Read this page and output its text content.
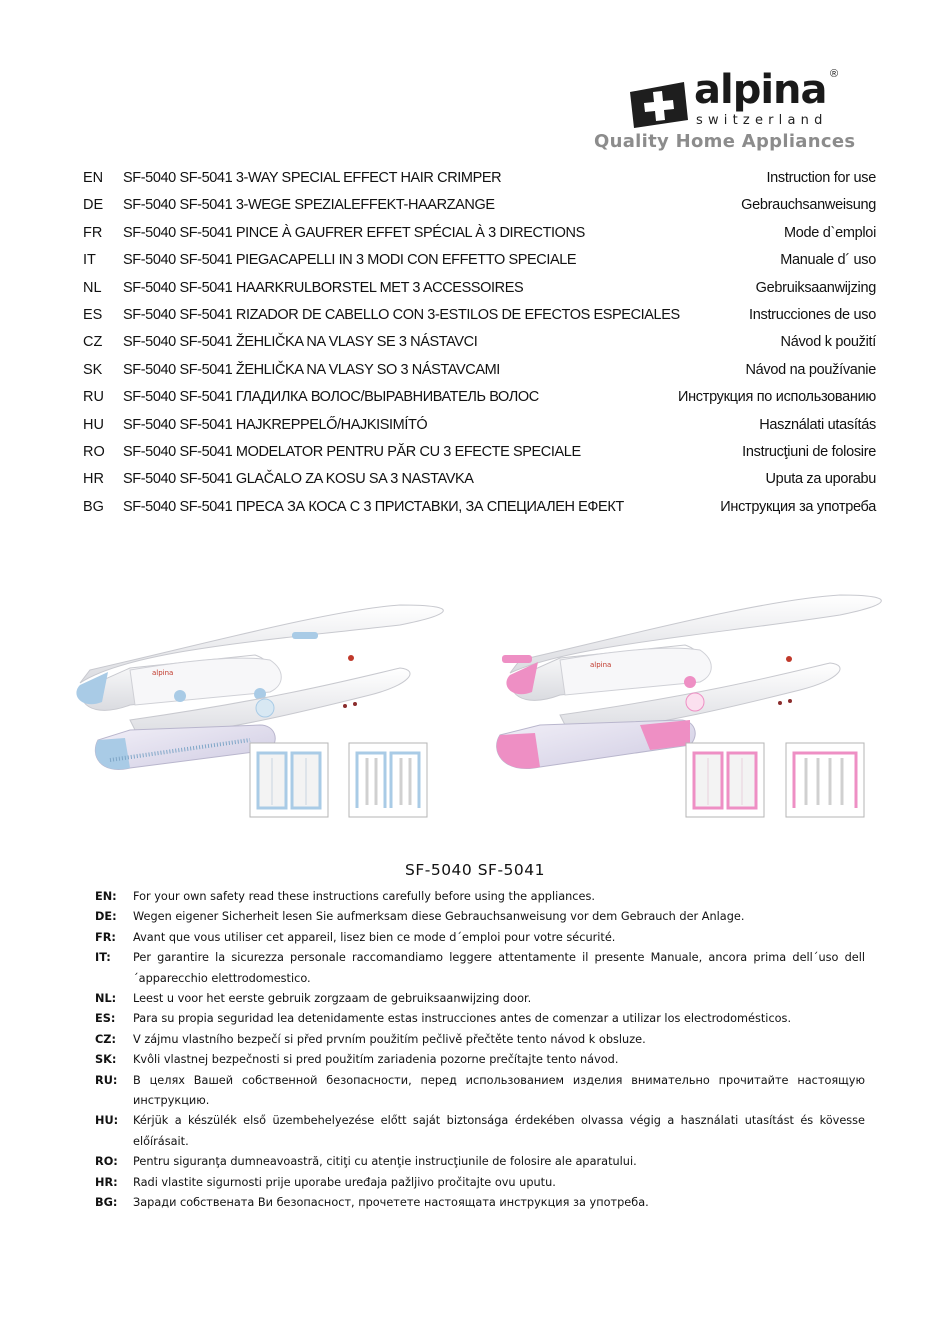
alpina ®
switzerland
Quality Home Appliances
EN SF-5040 SF-5041 3-WAY SPECIAL EFFECT HAIR CRIMPER	Instruction for use
DE SF-5040 SF-5041 3-WEGE SPEZIALEFFEKT-HAARZANGE	Gebrauchsanweisung
FR SF-5040 SF-5041 PINCE À GAUFRER EFFET SPÉCIAL À 3 DIRECTIONS	Mode d`emploi
IT SF-5040 SF-5041 PIEGACAPELLI IN 3 MODI CON EFFETTO SPECIALE	Manuale d´ uso
NL SF-5040 SF-5041 HAARKRULBORSTEL MET 3 ACCESSOIRES	Gebruiksaanwijzing
ES SF-5040 SF-5041 RIZADOR DE CABELLO CON 3-ESTILOS DE EFECTOS ESPECIALES	Instrucciones de uso
CZ SF-5040 SF-5041 ŽEHLIČKA NA VLASY SE 3 NÁSTAVCI	Návod k použití
SK SF-5040 SF-5041 ŽEHLIČKA NA VLASY SO 3 NÁSTAVCAMI	Návod na používanie
RU SF-5040 SF-5041 ГЛАДИЛКА ВОЛОС/ВЫРАВНИВАТЕЛЬ ВОЛОС	Инструкция по использованию
HU SF-5040 SF-5041 HAJKREPPELŐ/HAJKISIMÍTÓ	Használati utasítás
RO SF-5040 SF-5041 MODELATOR PENTRU PĂR CU 3 EFECTE SPECIALE	Instrucţiuni de folosire
HR SF-5040 SF-5041 GLAČALO ZA KOSU SA 3 NASTAVKA	Uputa za uporabu
BG SF-5040 SF-5041 ПРЕСА ЗА КОСА С 3 ПРИСТАВКИ, ЗА СПЕЦИАЛЕН ЕФЕКТ	Инструкция за употреба
alpina
alpina
SF-5040 SF-5041
EN: For your own safety read these instructions carefully before using the appliances.
DE: Wegen eigener Sicherheit lesen Sie aufmerksam diese Gebrauchsanweisung vor dem Gebrauch der Anlage.
FR: Avant que vous utiliser cet appareil, lisez bien ce mode d´emploi pour votre sécurité.
IT: Per garantire la sicurezza personale raccomandiamo leggere attentamente il presente Manuale, ancora prima dell´uso dell´apparecchio elettrodomestico.
NL: Leest u voor het eerste gebruik zorgzaam de gebruiksaanwijzing door.
ES: Para su propia seguridad lea detenidamente estas instrucciones antes de comenzar a utilizar los electrodomésticos.
CZ: V zájmu vlastního bezpečí si před prvním použitím pečlivě přečtěte tento návod k obsluze.
SK: Kvôli vlastnej bezpečnosti si pred použitím zariadenia pozorne prečítajte tento návod.
RU: В целях Вашей собственной безопасности, перед использованием изделия внимательно прочитайте настоящую инструкцию.
HU: Kérjük a készülék első üzembehelyezése előtt saját biztonsága érdekében olvassa végig a használati utasítást és kövesse előírásait.
RO: Pentru siguranţa dumneavoastră, citiţi cu atenţie instrucţiunile de folosire ale aparatului.
HR: Radi vlastite sigurnosti prije uporabe uređaja pažljivo pročitajte ovu uputu.
BG: Заради собствената Ви безопасност, прочетете настоящата инструкция за употреба.
